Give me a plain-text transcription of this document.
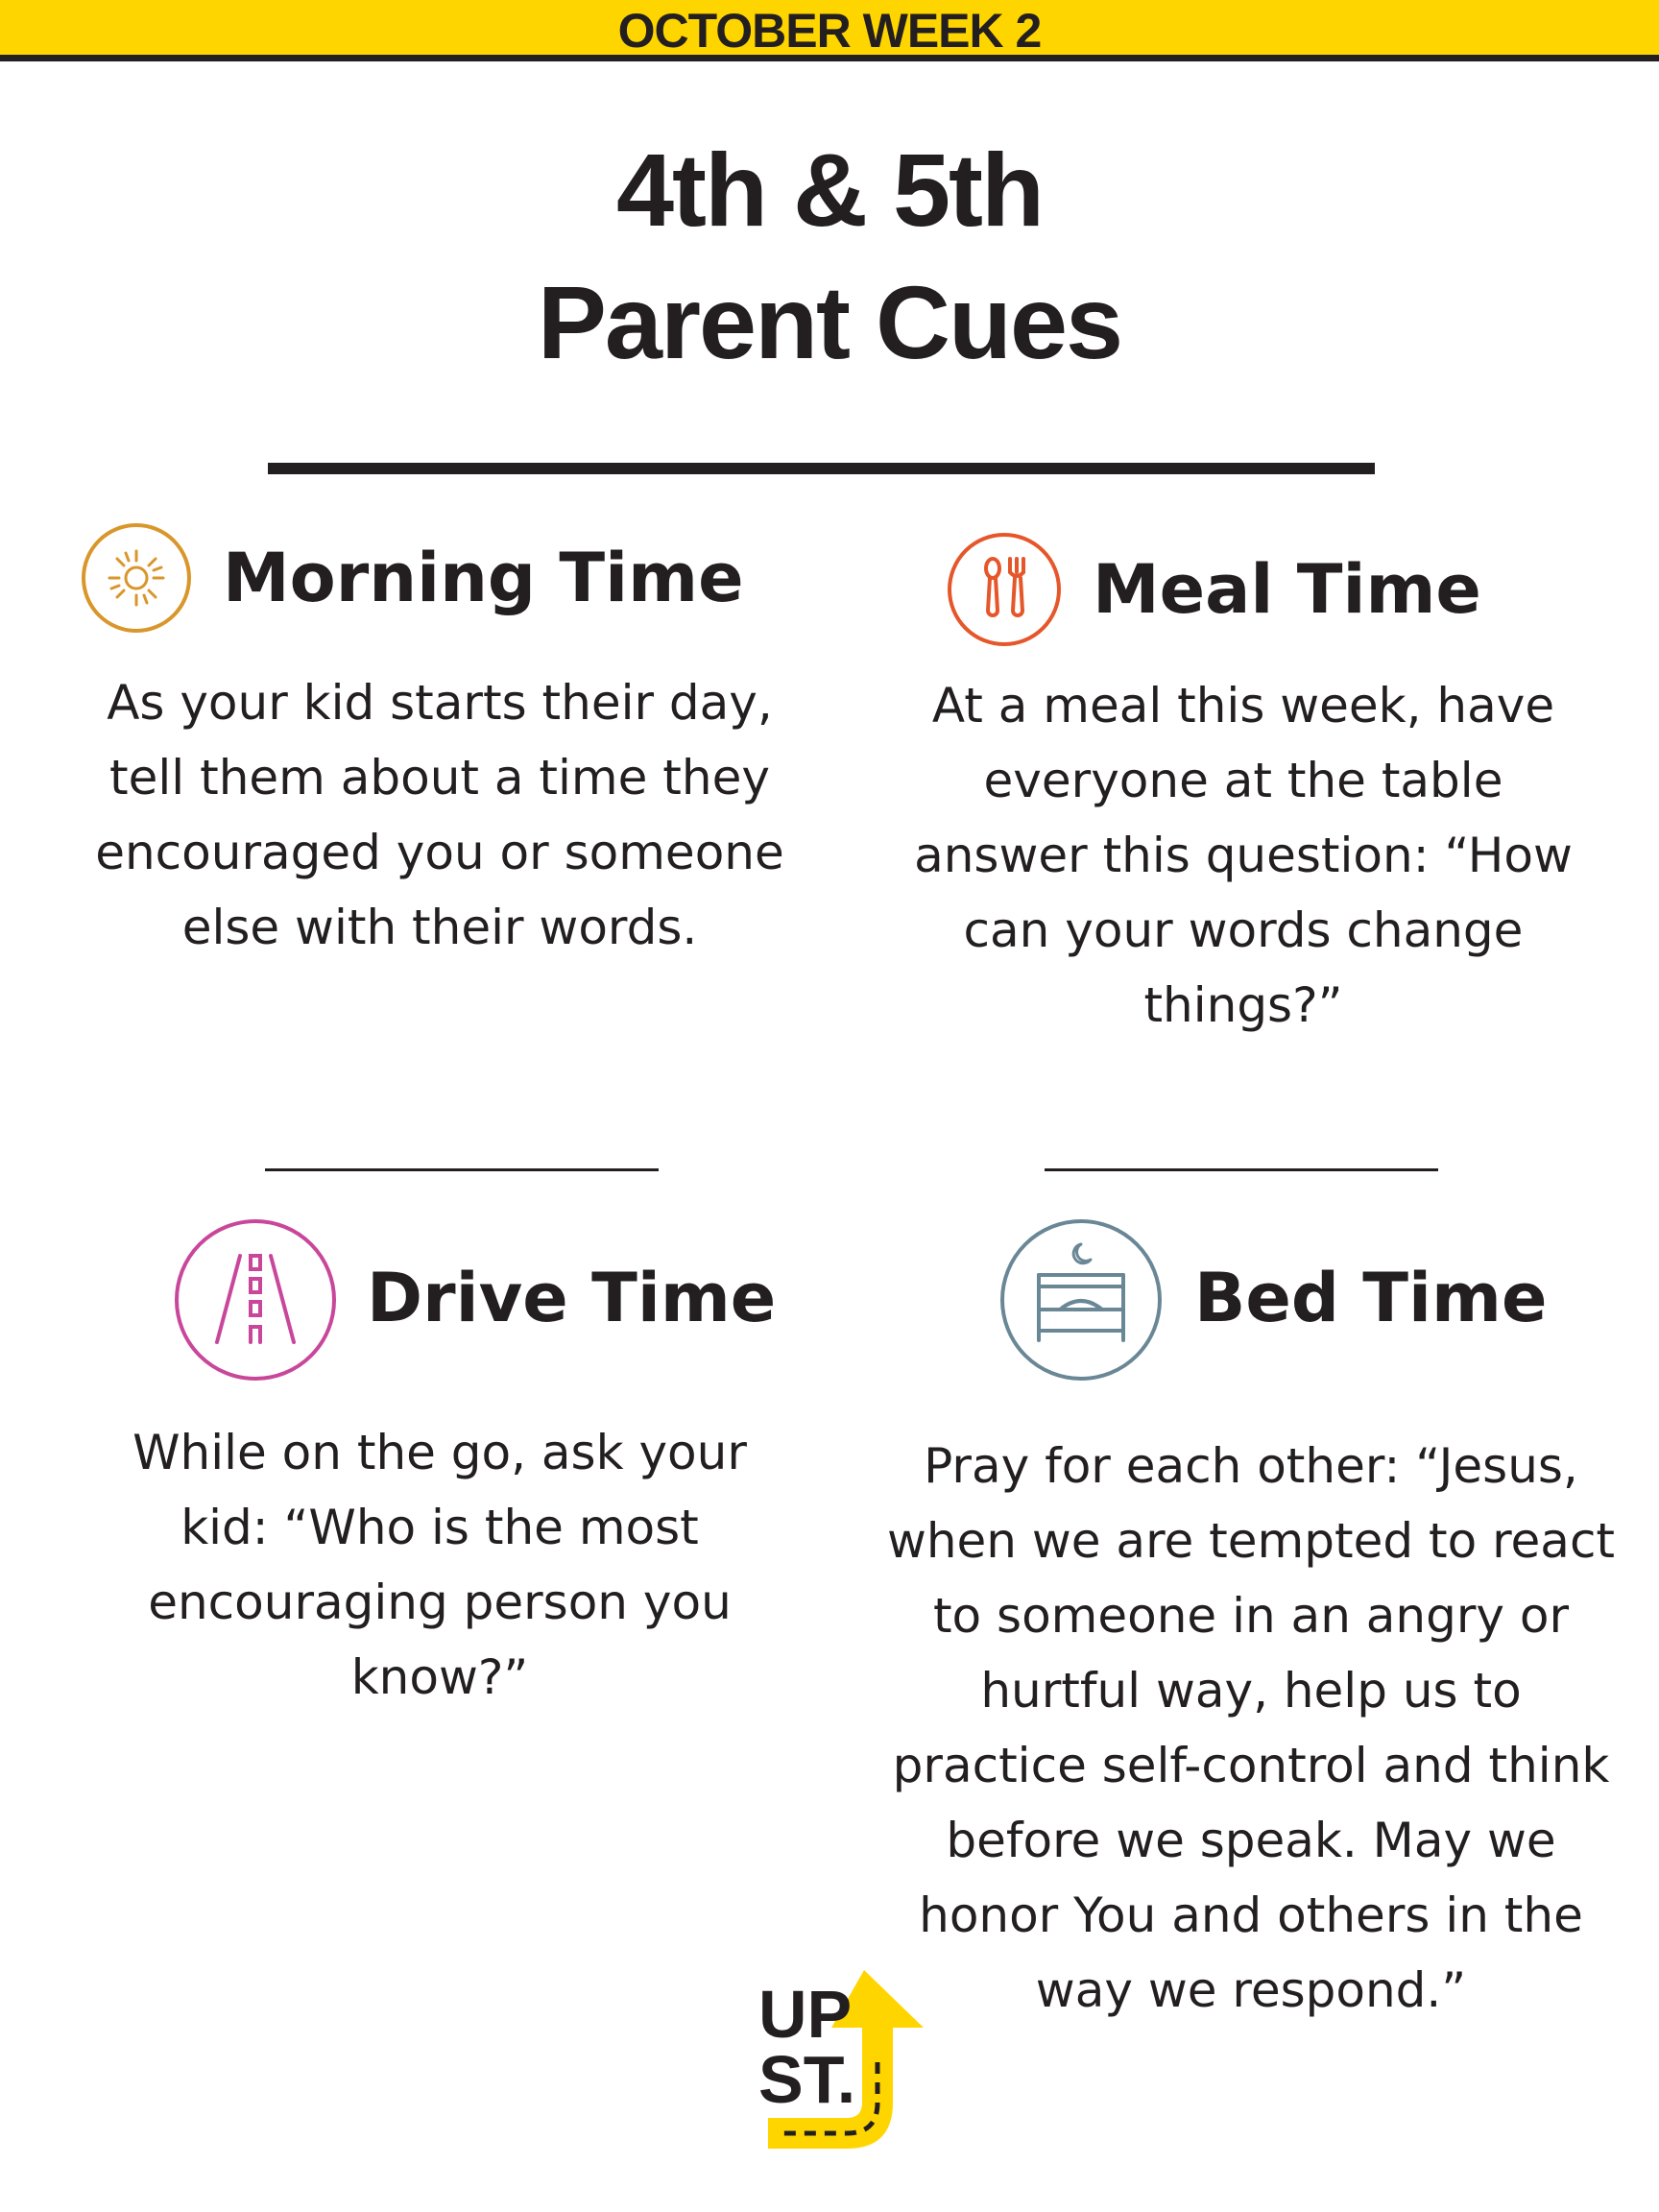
OCTOBER WEEK 2
4th & 5th
Parent Cues
Morning Time
As your kid starts their day, tell them about a time they encouraged you or someone else with their words.
Meal Time
At a meal this week, have everyone at the table answer this question: “How can your words change things?”
Drive Time
While on the go, ask your kid: “Who is the most encouraging person you know?”
Bed Time
Pray for each other: “Jesus, when we are tempted to react to someone in an angry or hurtful way, help us to practice self-control and think before we speak. May we honor You and others in the way we respond.”
UP
ST.
